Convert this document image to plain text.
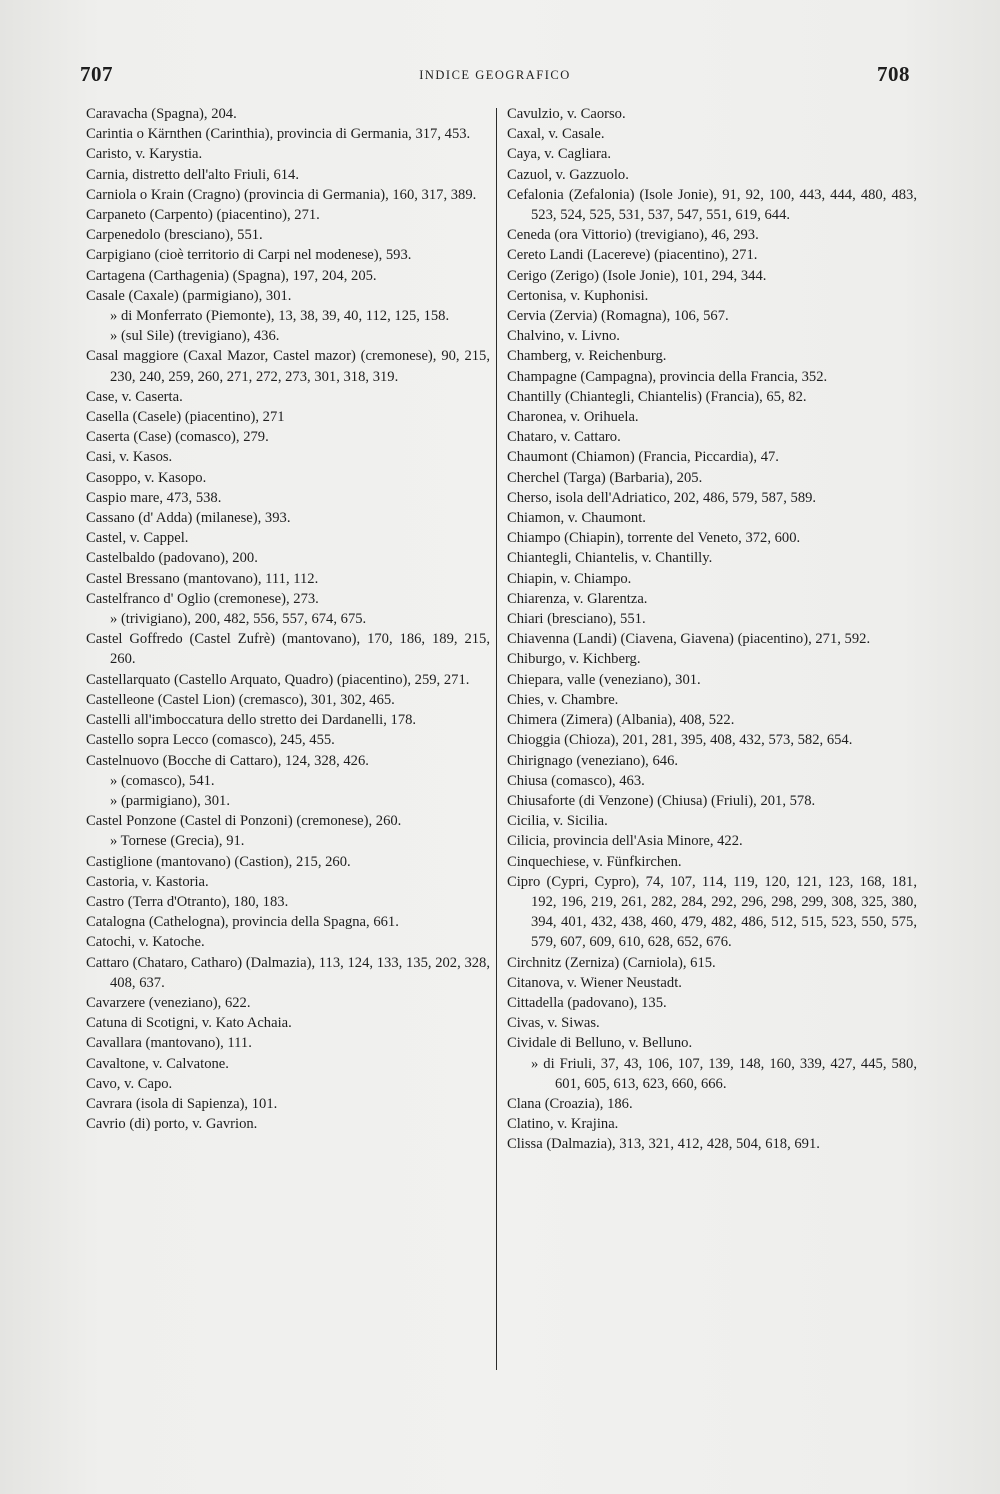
707	INDICE GEOGRAFICO	708
Caravacha (Spagna), 204.
Carintia o Kärnthen (Carinthia), provincia di Germania, 317, 453.
Caristo, v. Karystia.
Carnia, distretto dell'alto Friuli, 614.
Carniola o Krain (Cragno) (provincia di Germania), 160, 317, 389.
Carpaneto (Carpento) (piacentino), 271.
Carpenedolo (bresciano), 551.
Carpigiano (cioè territorio di Carpi nel modenese), 593.
Cartagena (Carthagenia) (Spagna), 197, 204, 205.
Casale (Caxale) (parmigiano), 301.
» di Monferrato (Piemonte), 13, 38, 39, 40, 112, 125, 158.
» (sul Sile) (trevigiano), 436.
Casal maggiore (Caxal Mazor, Castel mazor) (cremonese), 90, 215, 230, 240, 259, 260, 271, 272, 273, 301, 318, 319.
Case, v. Caserta.
Casella (Casele) (piacentino), 271
Caserta (Case) (comasco), 279.
Casi, v. Kasos.
Casoppo, v. Kasopo.
Caspio mare, 473, 538.
Cassano (d' Adda) (milanese), 393.
Castel, v. Cappel.
Castelbaldo (padovano), 200.
Castel Bressano (mantovano), 111, 112.
Castelfranco d' Oglio (cremonese), 273.
» (trivigiano), 200, 482, 556, 557, 674, 675.
Castel Goffredo (Castel Zufrè) (mantovano), 170, 186, 189, 215, 260.
Castellarquato (Castello Arquato, Quadro) (piacentino), 259, 271.
Castelleone (Castel Lion) (cremasco), 301, 302, 465.
Castelli all'imboccatura dello stretto dei Dardanelli, 178.
Castello sopra Lecco (comasco), 245, 455.
Castelnuovo (Bocche di Cattaro), 124, 328, 426.
» (comasco), 541.
» (parmigiano), 301.
Castel Ponzone (Castel di Ponzoni) (cremonese), 260.
» Tornese (Grecia), 91.
Castiglione (mantovano) (Castion), 215, 260.
Castoria, v. Kastoria.
Castro (Terra d'Otranto), 180, 183.
Catalogna (Cathelogna), provincia della Spagna, 661.
Catochi, v. Katoche.
Cattaro (Chataro, Catharo) (Dalmazia), 113, 124, 133, 135, 202, 328, 408, 637.
Cavarzere (veneziano), 622.
Catuna di Scotigni, v. Kato Achaia.
Cavallara (mantovano), 111.
Cavaltone, v. Calvatone.
Cavo, v. Capo.
Cavrara (isola di Sapienza), 101.
Cavrio (di) porto, v. Gavrion.
Cavulzio, v. Caorso.
Caxal, v. Casale.
Caya, v. Cagliara.
Cazuol, v. Gazzuolo.
Cefalonia (Zefalonia) (Isole Jonie), 91, 92, 100, 443, 444, 480, 483, 523, 524, 525, 531, 537, 547, 551, 619, 644.
Ceneda (ora Vittorio) (trevigiano), 46, 293.
Cereto Landi (Lacereve) (piacentino), 271.
Cerigo (Zerigo) (Isole Jonie), 101, 294, 344.
Certonisa, v. Kuphonisi.
Cervia (Zervia) (Romagna), 106, 567.
Chalvino, v. Livno.
Chamberg, v. Reichenburg.
Champagne (Campagna), provincia della Francia, 352.
Chantilly (Chiantegli, Chiantelis) (Francia), 65, 82.
Charonea, v. Orihuela.
Chataro, v. Cattaro.
Chaumont (Chiamon) (Francia, Piccardia), 47.
Cherchel (Targa) (Barbaria), 205.
Cherso, isola dell'Adriatico, 202, 486, 579, 587, 589.
Chiamon, v. Chaumont.
Chiampo (Chiapin), torrente del Veneto, 372, 600.
Chiantegli, Chiantelis, v. Chantilly.
Chiapin, v. Chiampo.
Chiarenza, v. Glarentza.
Chiari (bresciano), 551.
Chiavenna (Landi) (Ciavena, Giavena) (piacentino), 271, 592.
Chiburgo, v. Kichberg.
Chiepara, valle (veneziano), 301.
Chies, v. Chambre.
Chimera (Zimera) (Albania), 408, 522.
Chioggia (Chioza), 201, 281, 395, 408, 432, 573, 582, 654.
Chirignago (veneziano), 646.
Chiusa (comasco), 463.
Chiusaforte (di Venzone) (Chiusa) (Friuli), 201, 578.
Cicilia, v. Sicilia.
Cilicia, provincia dell'Asia Minore, 422.
Cinquechiese, v. Fünfkirchen.
Cipro (Cypri, Cypro), 74, 107, 114, 119, 120, 121, 123, 168, 181, 192, 196, 219, 261, 282, 284, 292, 296, 298, 299, 308, 325, 380, 394, 401, 432, 438, 460, 479, 482, 486, 512, 515, 523, 550, 575, 579, 607, 609, 610, 628, 652, 676.
Circhnitz (Zerniza) (Carniola), 615.
Citanova, v. Wiener Neustadt.
Cittadella (padovano), 135.
Civas, v. Siwas.
Cividale di Belluno, v. Belluno.
» di Friuli, 37, 43, 106, 107, 139, 148, 160, 339, 427, 445, 580, 601, 605, 613, 623, 660, 666.
Clana (Croazia), 186.
Clatino, v. Krajina.
Clissa (Dalmazia), 313, 321, 412, 428, 504, 618, 691.
